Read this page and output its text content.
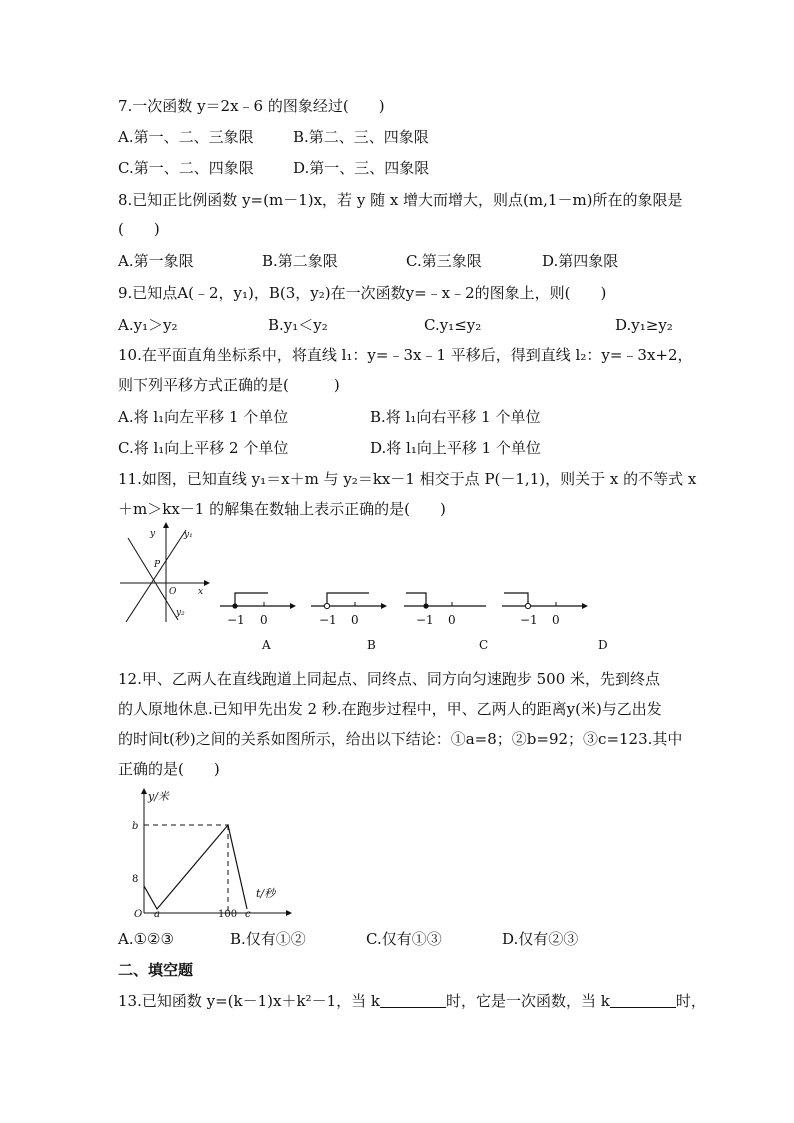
7.一次函数 y＝2x﹣6 的图象经过(　　)
A.第一、二、三象限	B.第二、三、四象限
C.第一、二、四象限	D.第一、三、四象限
8.已知正比例函数 y=(m－1)x，若 y 随 x 增大而增大，则点(m,1－m)所在的象限是
(　　)
A.第一象限	B.第二象限	C.第三象限	D.第四象限
9.已知点A(﹣2，y₁)，B(3，y₂)在一次函数y=﹣x﹣2的图象上，则(　　)
A.y₁＞y₂	B.y₁＜y₂	C.y₁≤y₂	D.y₁≥y₂
10.在平面直角坐标系中，将直线 l₁：y=﹣3x﹣1 平移后，得到直线 l₂：y=﹣3x+2，
则下列平移方式正确的是(　　　)
A.将 l₁向左平移 1 个单位	B.将 l₁向右平移 1 个单位
C.将 l₁向上平移 2 个单位	D.将 l₁向上平移 1 个单位
11.如图，已知直线 y₁＝x＋m 与 y₂＝kx－1 相交于点 P(－1,1)，则关于 x 的不等式 x
＋m＞kx－1 的解集在数轴上表示正确的是(　　)
y	y₁
P
O x
y₂	−1 0
A
−1 0
B
−1 0
C
−1 0
D
12.甲、乙两人在直线跑道上同起点、同终点、同方向匀速跑步 500 米，先到终点
的人原地休息.已知甲先出发 2 秒.在跑步过程中，甲、乙两人的距离y(米)与乙出发
的时间t(秒)之间的关系如图所示，给出以下结论：①a=8；②b=92；③c=123.其中
正确的是(　　)
y/米
b
8
t/秒
O a	100 c
A.①②③	B.仅有①②	C.仅有①③	D.仅有②③
二、填空题
13.已知函数 y=(k－1)x＋k²－1，当 k	时，它是一次函数，当 k	时，
